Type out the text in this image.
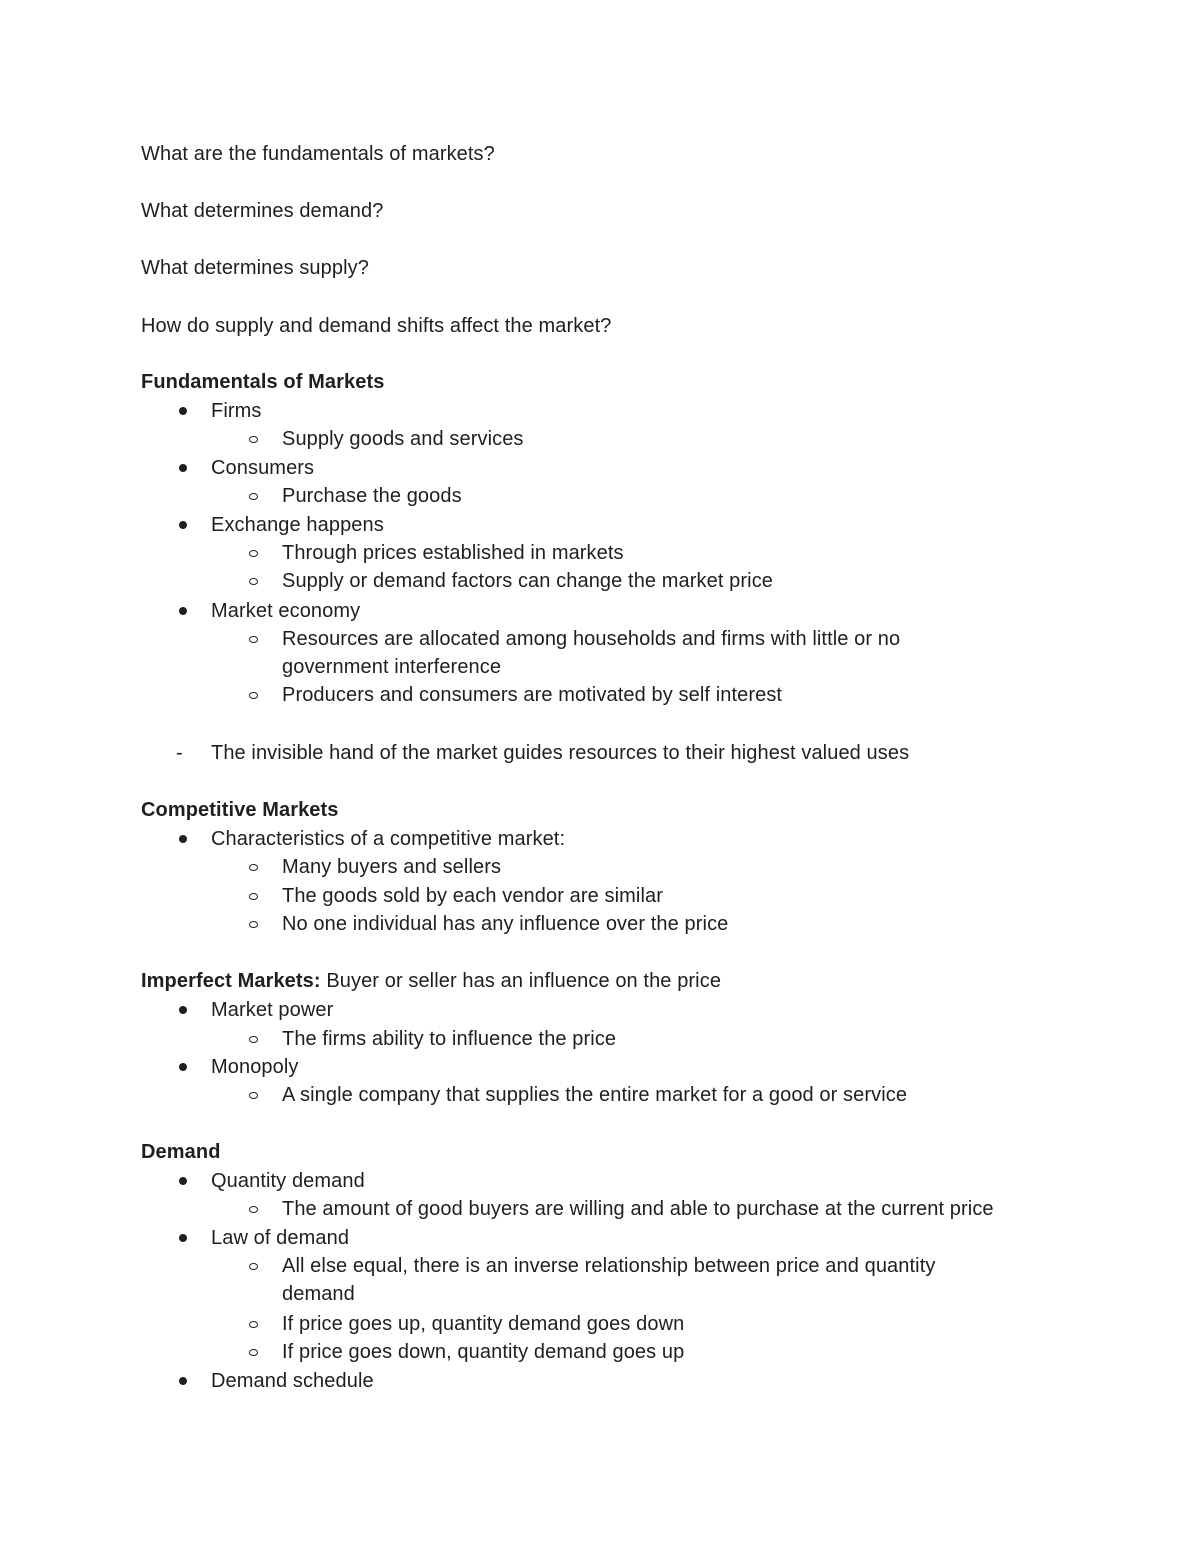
What are the fundamentals of markets?
What determines demand?
What determines supply?
How do supply and demand shifts affect the market?
Fundamentals of Markets
Firms
Supply goods and services
Consumers
Purchase the goods
Exchange happens
Through prices established in markets
Supply or demand factors can change the market price
Market economy
Resources are allocated among households and firms with little or no
government interference
Producers and consumers are motivated by self interest
- The invisible hand of the market guides resources to their highest valued uses
Competitive Markets
Characteristics of a competitive market:
Many buyers and sellers
The goods sold by each vendor are similar
No one individual has any influence over the price
Imperfect Markets: Buyer or seller has an influence on the price
Market power
The firms ability to influence the price
Monopoly
A single company that supplies the entire market for a good or service
Demand
Quantity demand
The amount of good buyers are willing and able to purchase at the current price
Law of demand
All else equal, there is an inverse relationship between price and quantity
demand
If price goes up, quantity demand goes down
If price goes down, quantity demand goes up
Demand schedule
